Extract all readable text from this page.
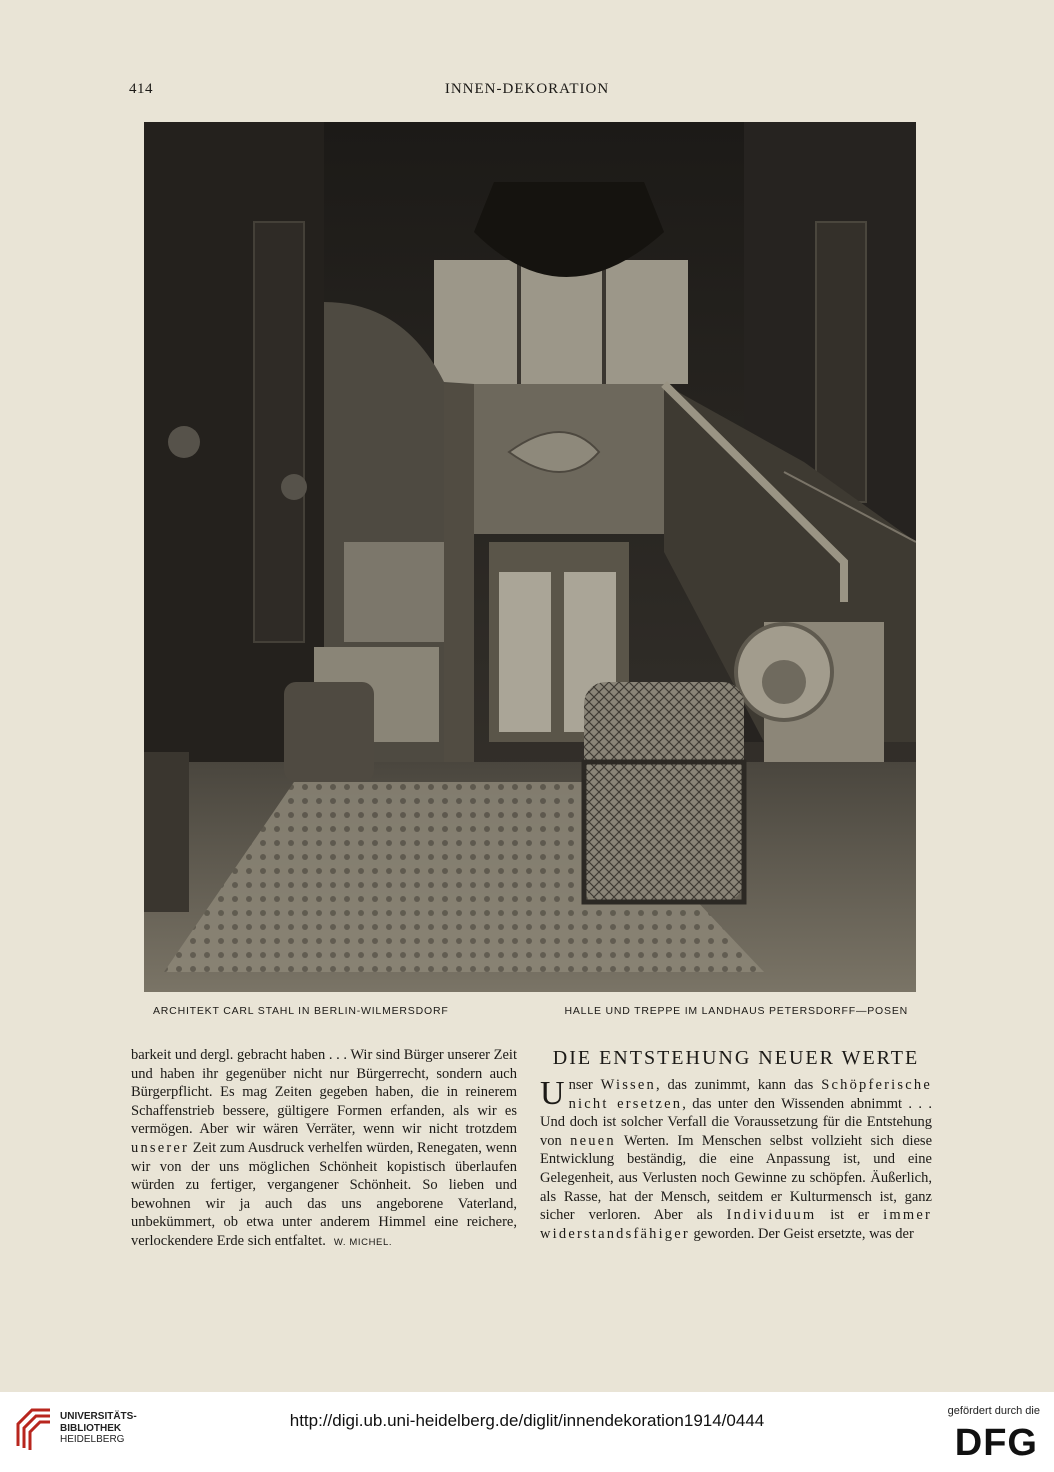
414	INNEN-DEKORATION
ARCHITEKT CARL STAHL IN BERLIN-WILMERSDORF	HALLE UND TREPPE IM LANDHAUS PETERSDORFF—POSEN

barkeit und dergl. gebracht haben . . . Wir sind Bürger unserer Zeit und haben ihr gegenüber nicht nur Bürgerrecht, sondern auch Bürgerpflicht. Es mag Zeiten gegeben haben, die in reinerem Schaffenstrieb bessere, gültigere Formen erfanden, als wir es vermögen. Aber wir wären Verräter, wenn wir nicht trotzdem unserer Zeit zum Ausdruck verhelfen würden, Renegaten, wenn wir von der uns möglichen Schönheit kopistisch überlaufen würden zu fertiger, vergangener Schönheit. So lieben und bewohnen wir ja auch das uns angeborene Vaterland, unbekümmert, ob etwa unter anderem Himmel eine reichere, verlockendere Erde sich entfaltet. W. MICHEL.

DIE ENTSTEHUNG NEUER WERTE

Unser Wissen, das zunimmt, kann das Schöpferische nicht ersetzen, das unter den Wissenden abnimmt . . . Und doch ist solcher Verfall die Voraussetzung für die Entstehung von neuen Werten. Im Menschen selbst vollzieht sich diese Entwicklung beständig, die eine Anpassung ist, und eine Gelegenheit, aus Verlusten noch Gewinne zu schöpfen. Äußerlich, als Rasse, hat der Mensch, seitdem er Kulturmensch ist, ganz sicher verloren. Aber als Individuum ist er immer widerstandsfähiger geworden. Der Geist ersetzte, was der

UNIVERSITÄTS-
BIBLIOTHEK
HEIDELBERG
http://digi.ub.uni-heidelberg.de/diglit/innendekoration1914/0444	gefördert durch die
DFG
